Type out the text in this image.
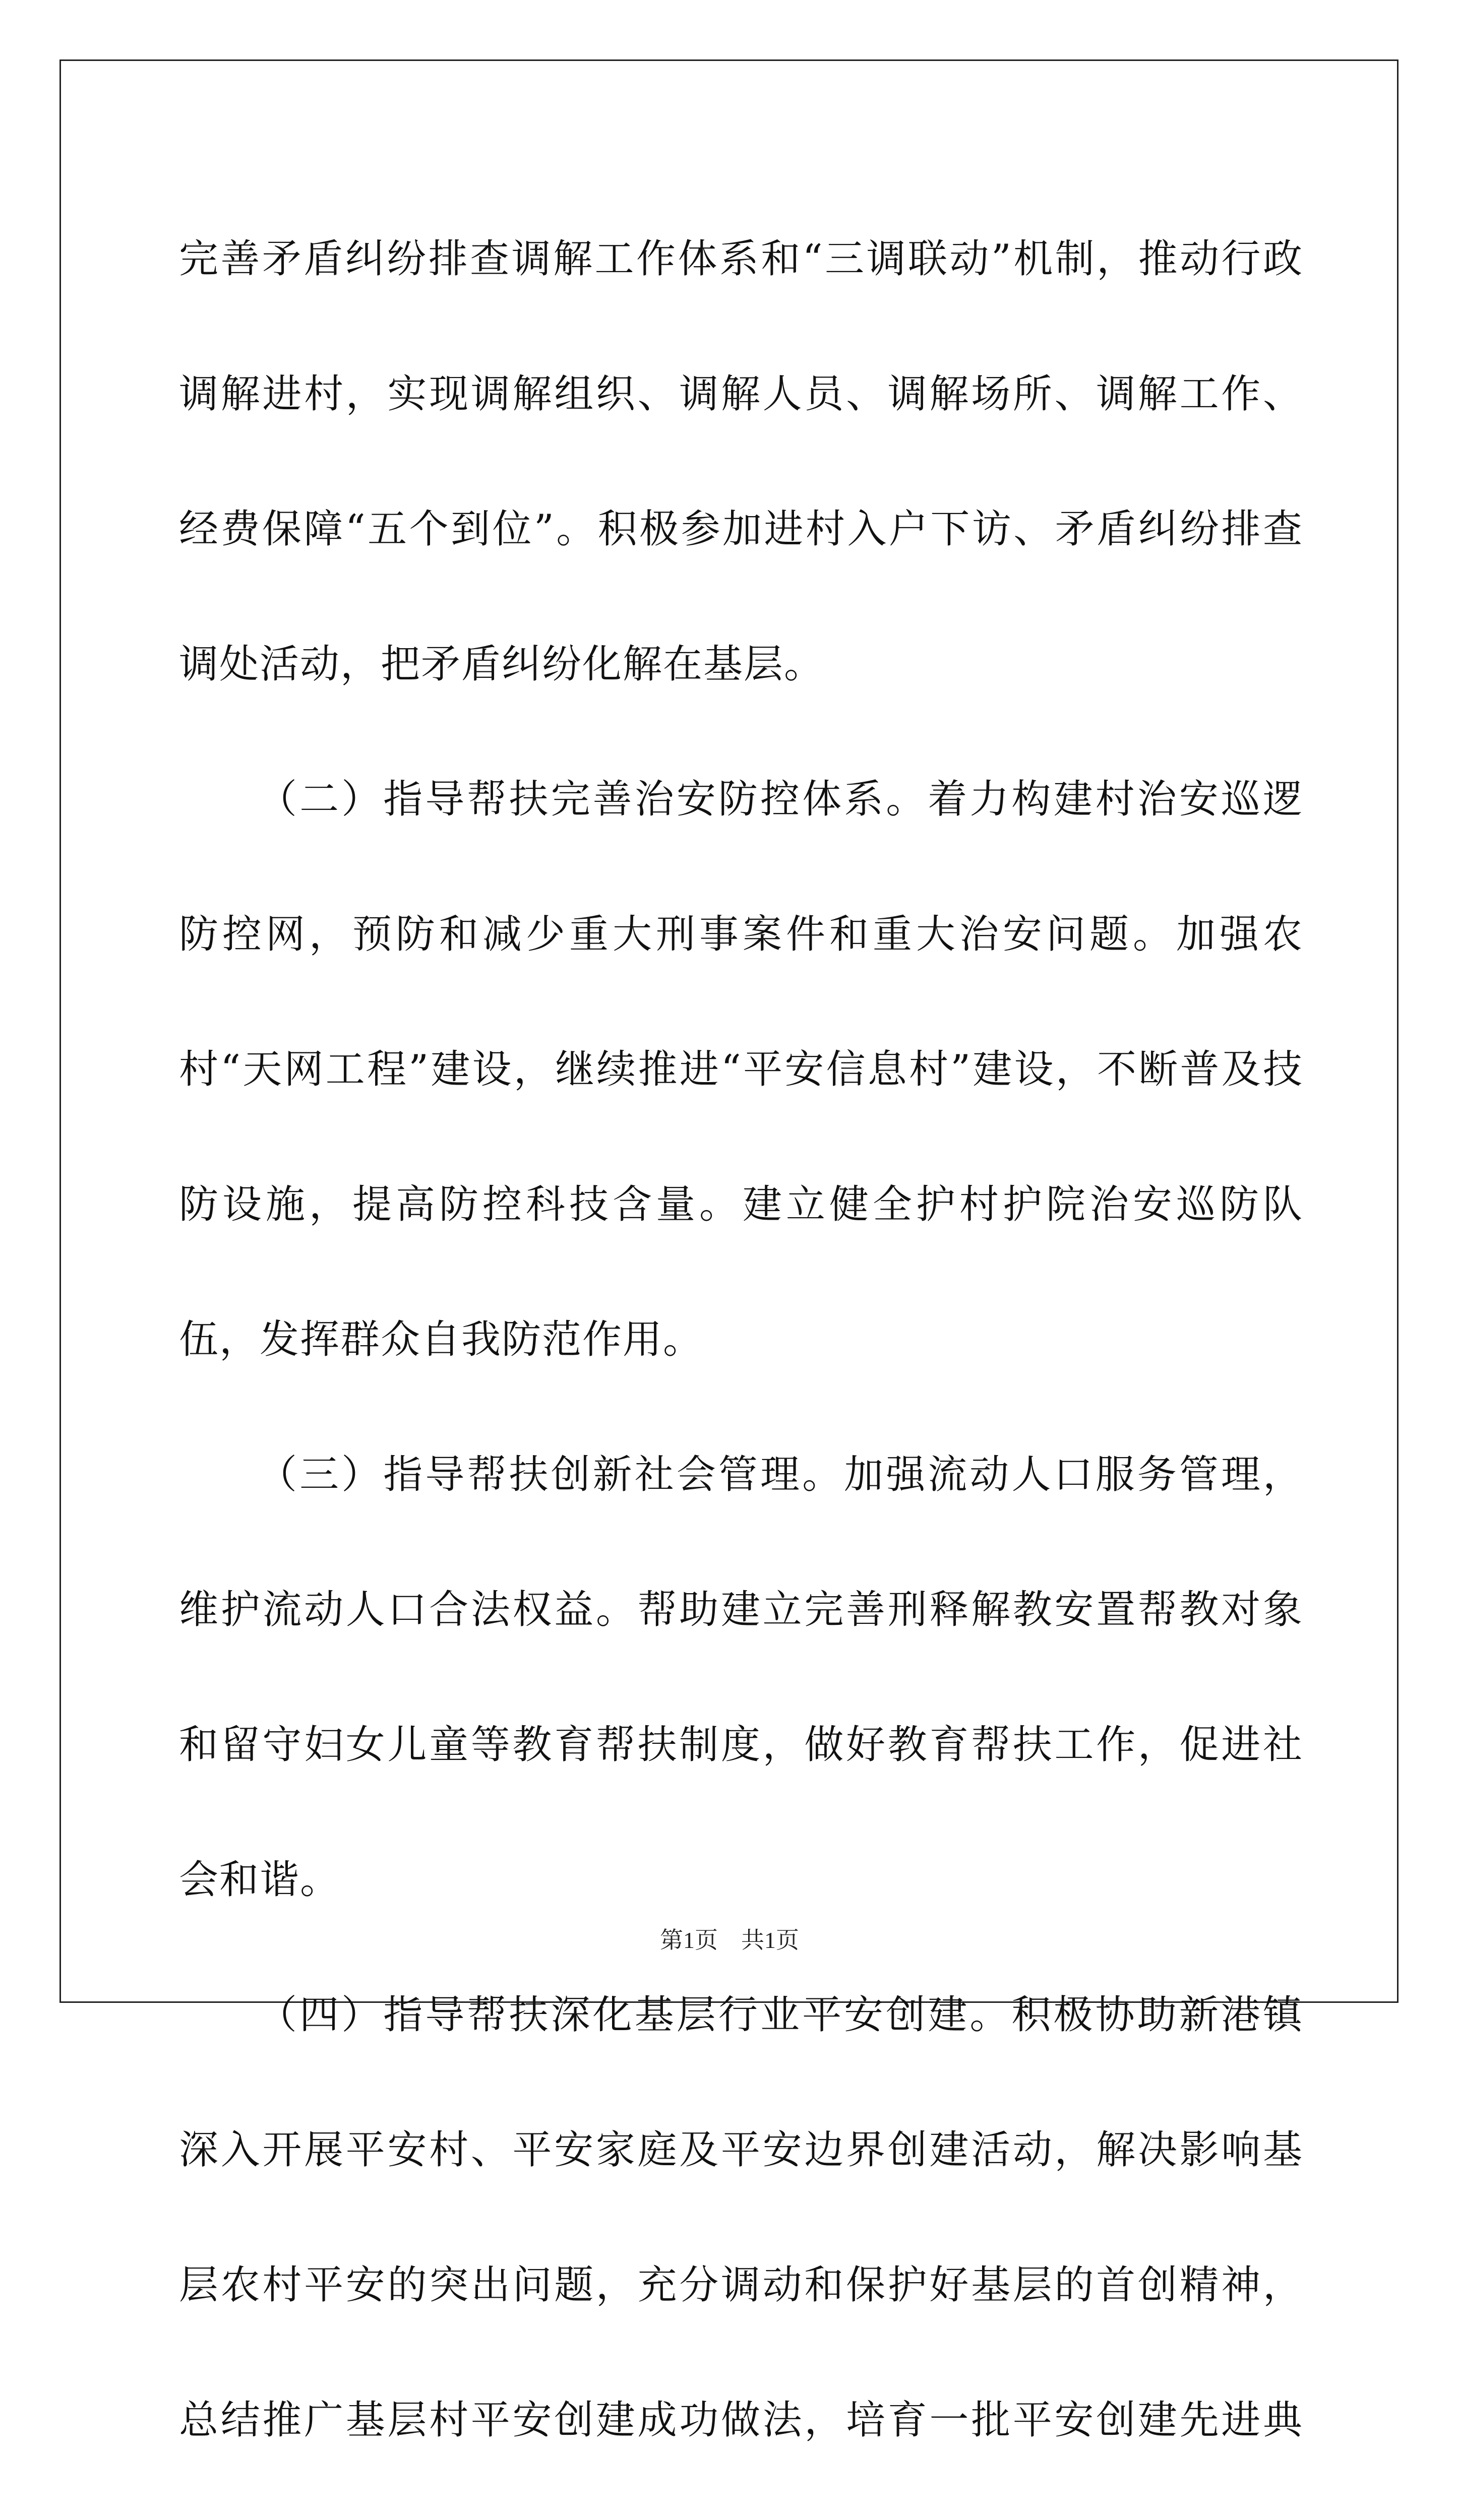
完善矛盾纠纷排查调解工作体系和“三调联动”机制，推动行政调解进村，实现调解组织、调解人员、调解场所、调解工作、经费保障“五个到位”。积极参加进村入户下访、矛盾纠纷排查调处活动，把矛盾纠纷化解在基层。

（二）指导帮扶完善治安防控体系。着力构建村治安巡逻防控网，预防和减少重大刑事案件和重大治安问题。加强农村“天网工程”建设，继续推进“平安信息村”建设，不断普及技防设施，提高防控科技含量。建立健全护村护院治安巡防队伍，发挥群众自我防范作用。

（三）指导帮扶创新社会管理。加强流动人口服务管理，维护流动人口合法权益。帮助建立完善刑释解教安置帮教对象和留守妇女儿童等教育帮扶制度，做好教育帮扶工作，促进社会和谐。

（四）指导帮扶深化基层行业平安创建。积极协助新港镇深入开展平安村、平安家庭及平安边界创建活动，解决影响基层农村平安的突出问题，充分调动和保护好基层的首创精神，总结推广基层村平安创建成功做法，培育一批平安创建先进典

第1页　共1页
